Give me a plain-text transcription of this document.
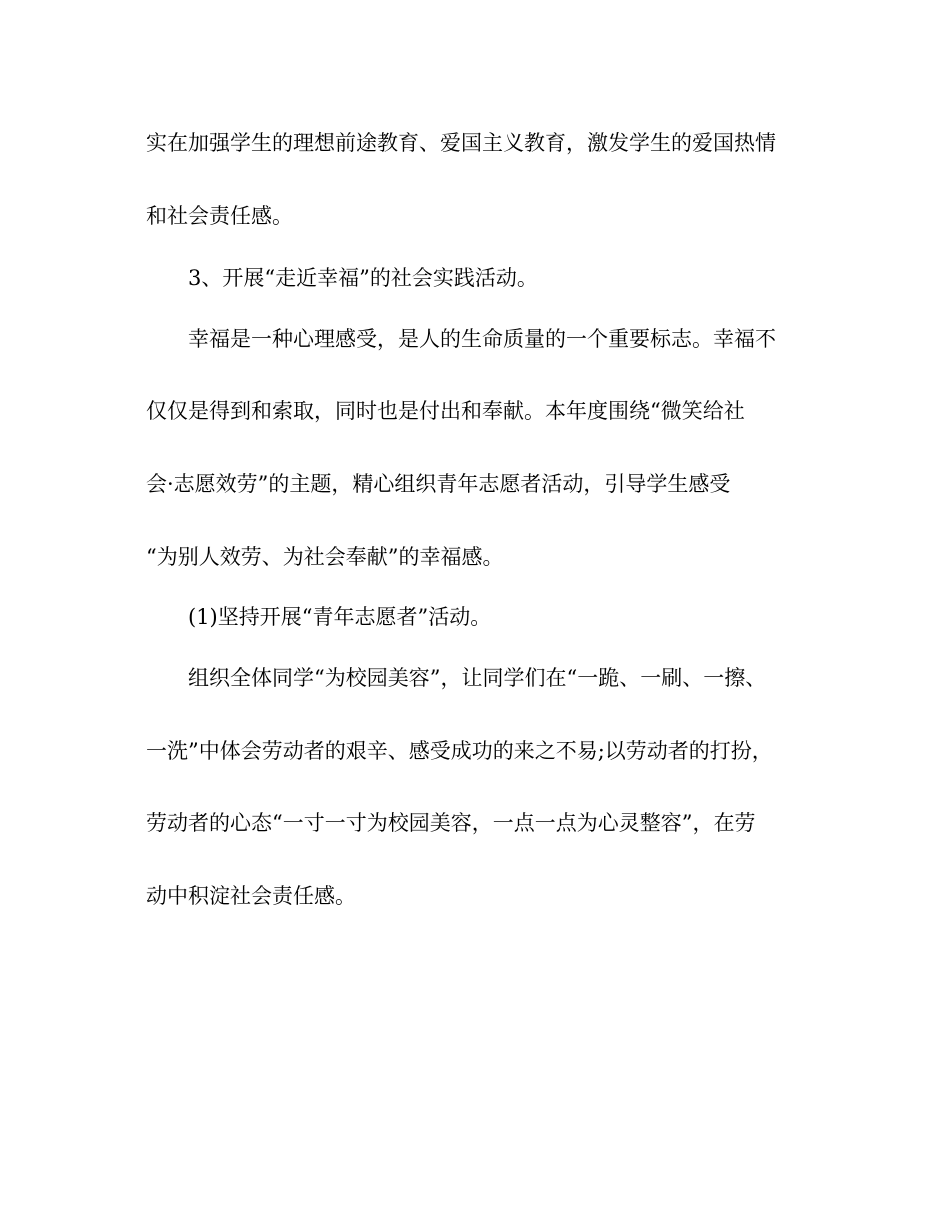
实在加强学生的理想前途教育、爱国主义教育，激发学生的爱国热情
和社会责任感。
3、开展“走近幸福”的社会实践活动。
幸福是一种心理感受，是人的生命质量的一个重要标志。幸福不
仅仅是得到和索取，同时也是付出和奉献。本年度围绕“微笑给社
会·志愿效劳”的主题，精心组织青年志愿者活动，引导学生感受
“为别人效劳、为社会奉献”的幸福感。
(1)坚持开展“青年志愿者”活动。
组织全体同学“为校园美容”，让同学们在“一跪、一刷、一擦、
一洗”中体会劳动者的艰辛、感受成功的来之不易;以劳动者的打扮，
劳动者的心态“一寸一寸为校园美容，一点一点为心灵整容”，在劳
动中积淀社会责任感。
